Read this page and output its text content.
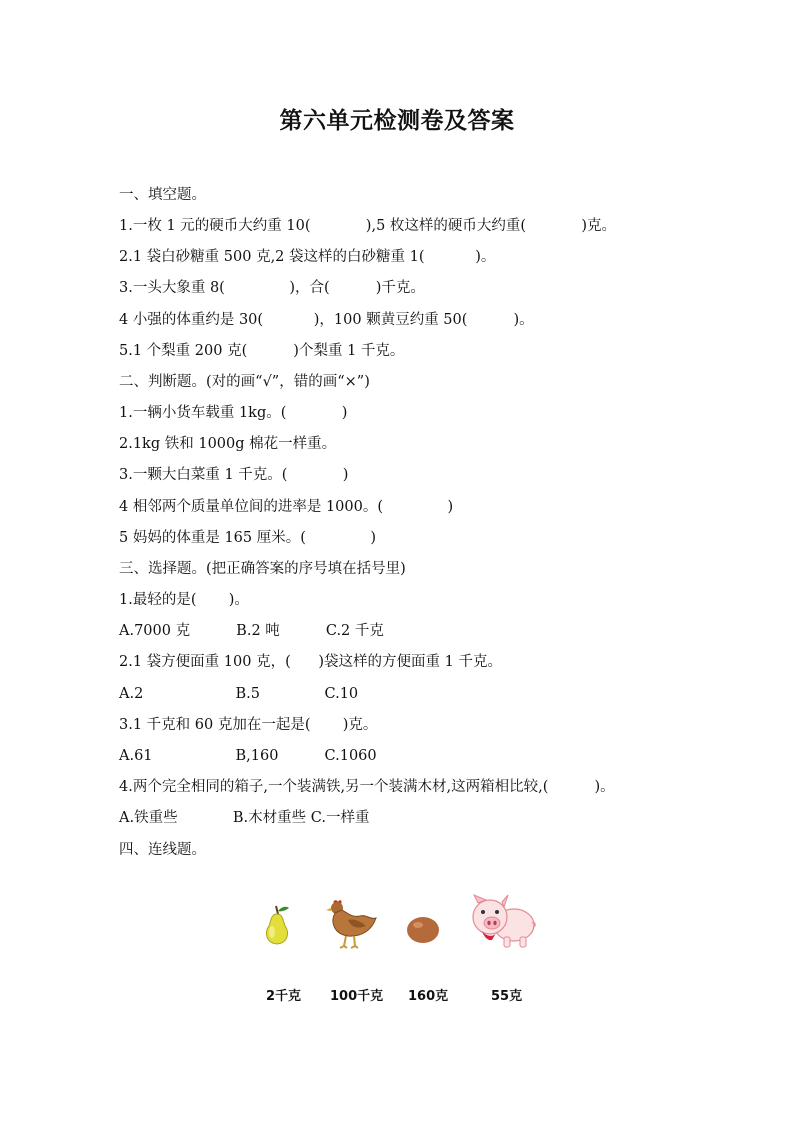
第六单元检测卷及答案
一、填空题。
1.一枚 1 元的硬币大约重 10(            ),5 枚这样的硬币大约重(            )克。
2.1 袋白砂糖重 500 克,2 袋这样的白砂糖重 1(           )。
3.一头大象重 8(              )，合(          )千克。
4 小强的体重约是 30(           )，100 颗黄豆约重 50(          )。
5.1 个梨重 200 克(          )个梨重 1 千克。
二、判断题。(对的画“√”，错的画“×”)
1.一辆小货车载重 1kg。(            )
2.1kg 铁和 1000g 棉花一样重。
3.一颗大白菜重 1 千克。(            )
4 相邻两个质量单位间的进率是 1000。(              )
5 妈妈的体重是 165 厘米。(              )
三、选择题。(把正确答案的序号填在括号里)
1.最轻的是(       )。
A.7000 克          B.2 吨          C.2 千克
2.1 袋方便面重 100 克，(      )袋这样的方便面重 1 千克。
A.2                    B.5              C.10
3.1 千克和 60 克加在一起是(       )克。
A.61                  B,160          C.1060
4.两个完全相同的箱子,一个装满铁,另一个装满木材,这两箱相比较,(          )。
A.铁重些            B.木材重些 C.一样重
四、连线题。
2千克 100千克 160克	55克
